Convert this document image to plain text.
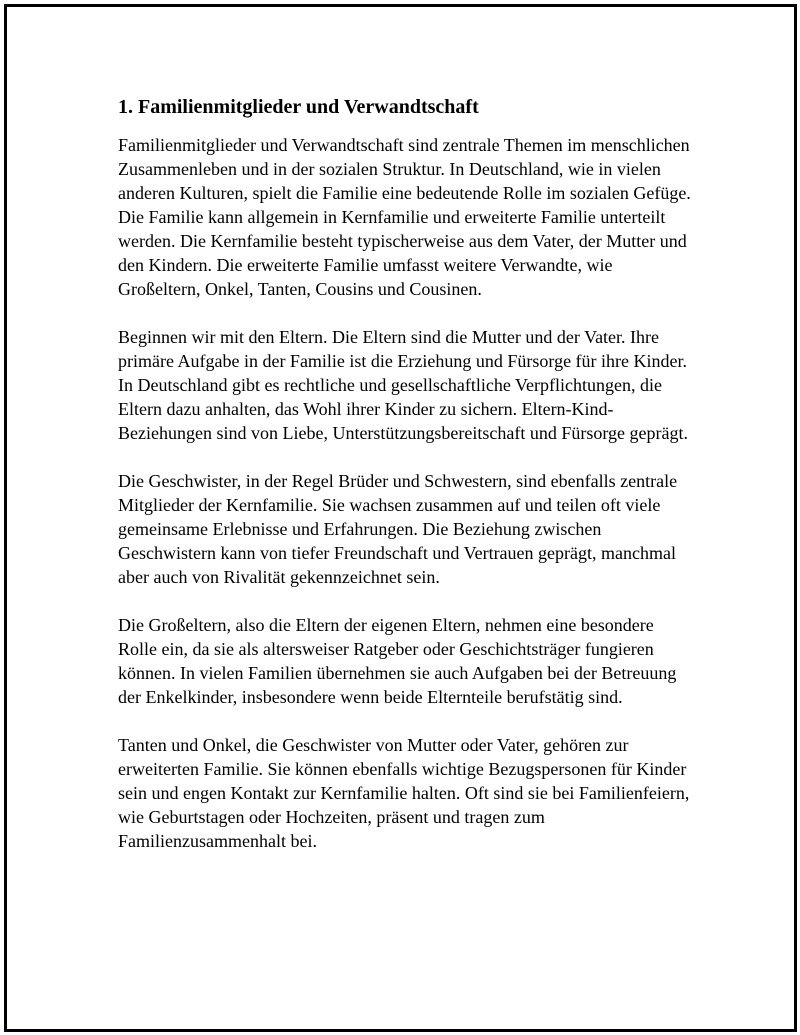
1. Familienmitglieder und Verwandtschaft

Familienmitglieder und Verwandtschaft sind zentrale Themen im menschlichen Zusammenleben und in der sozialen Struktur. In Deutschland, wie in vielen anderen Kulturen, spielt die Familie eine bedeutende Rolle im sozialen Gefüge. Die Familie kann allgemein in Kernfamilie und erweiterte Familie unterteilt werden. Die Kernfamilie besteht typischerweise aus dem Vater, der Mutter und den Kindern. Die erweiterte Familie umfasst weitere Verwandte, wie Großeltern, Onkel, Tanten, Cousins und Cousinen.

Beginnen wir mit den Eltern. Die Eltern sind die Mutter und der Vater. Ihre primäre Aufgabe in der Familie ist die Erziehung und Fürsorge für ihre Kinder. In Deutschland gibt es rechtliche und gesellschaftliche Verpflichtungen, die Eltern dazu anhalten, das Wohl ihrer Kinder zu sichern. Eltern-Kind-Beziehungen sind von Liebe, Unterstützungsbereitschaft und Fürsorge geprägt.

Die Geschwister, in der Regel Brüder und Schwestern, sind ebenfalls zentrale Mitglieder der Kernfamilie. Sie wachsen zusammen auf und teilen oft viele gemeinsame Erlebnisse und Erfahrungen. Die Beziehung zwischen Geschwistern kann von tiefer Freundschaft und Vertrauen geprägt, manchmal aber auch von Rivalität gekennzeichnet sein.

Die Großeltern, also die Eltern der eigenen Eltern, nehmen eine besondere Rolle ein, da sie als altersweiser Ratgeber oder Geschichtsträger fungieren können. In vielen Familien übernehmen sie auch Aufgaben bei der Betreuung der Enkelkinder, insbesondere wenn beide Elternteile berufstätig sind.

Tanten und Onkel, die Geschwister von Mutter oder Vater, gehören zur erweiterten Familie. Sie können ebenfalls wichtige Bezugspersonen für Kinder sein und engen Kontakt zur Kernfamilie halten. Oft sind sie bei Familienfeiern, wie Geburtstagen oder Hochzeiten, präsent und tragen zum Familienzusammenhalt bei.
